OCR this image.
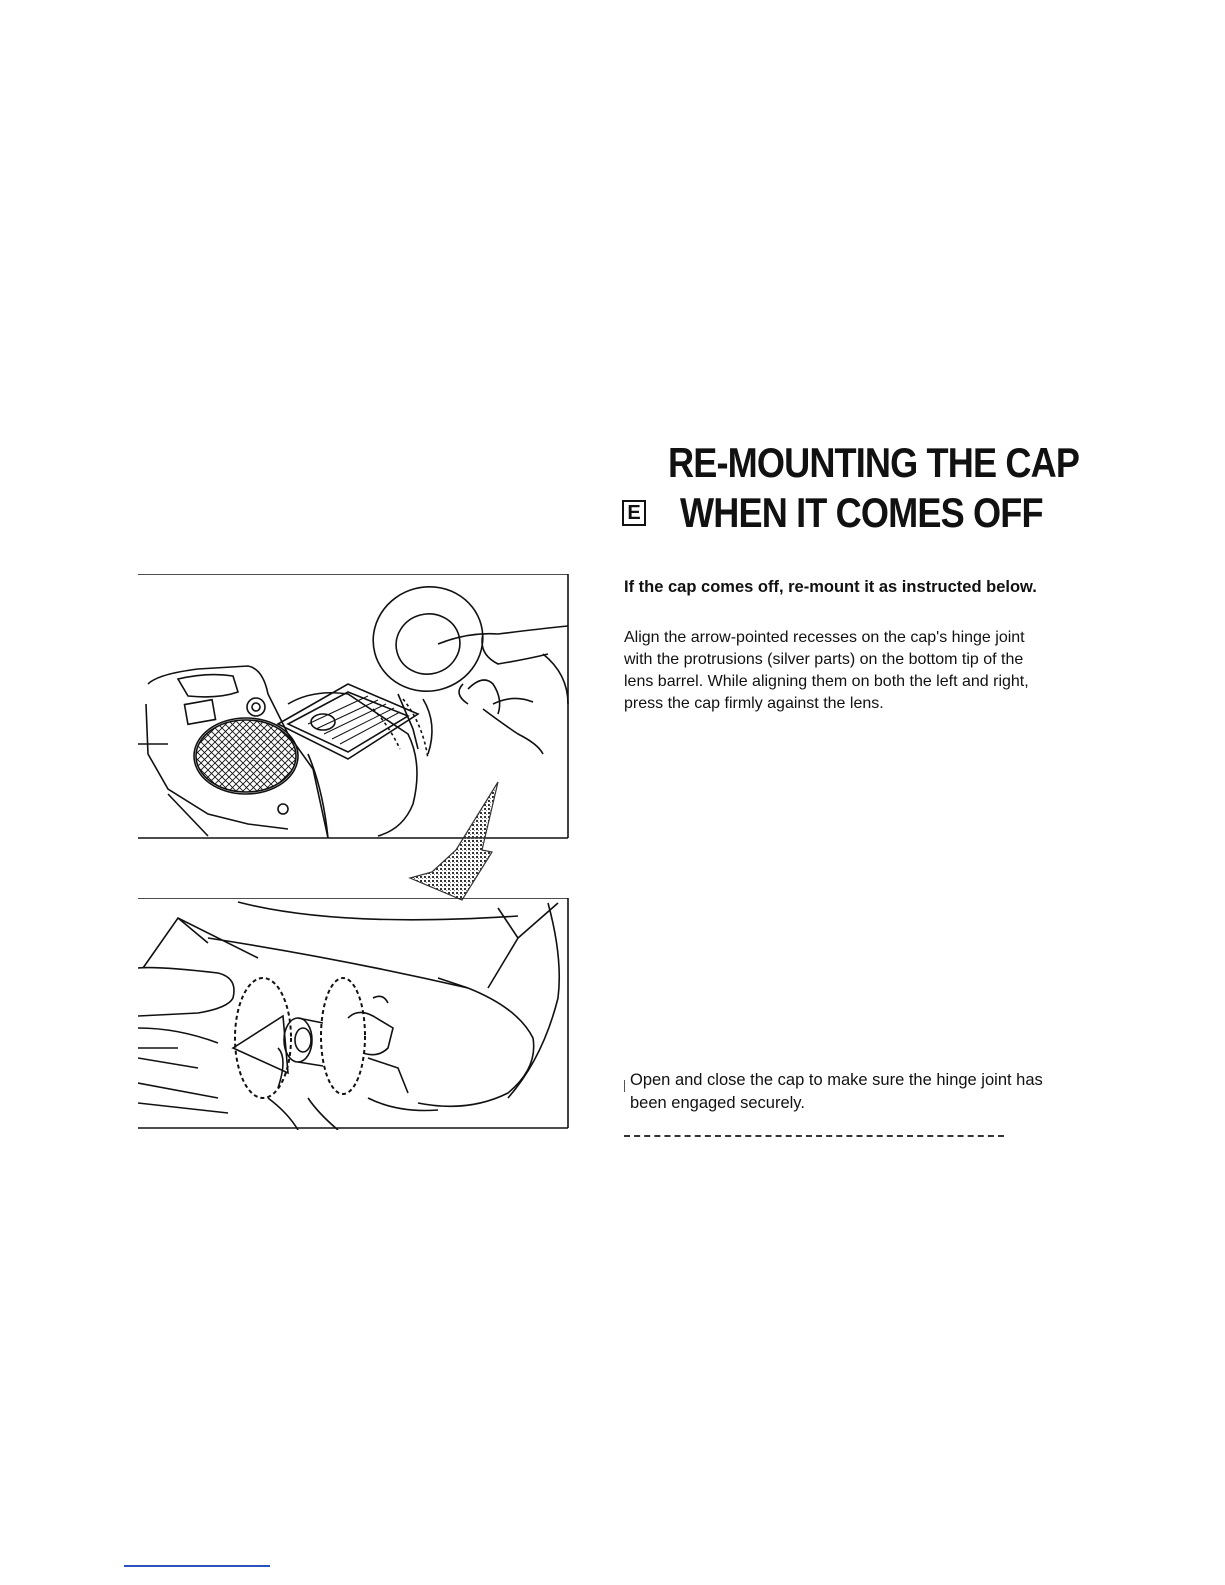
E
RE-MOUNTING THE CAP
WHEN IT COMES OFF

If the cap comes off, re-mount it as instructed below.

Align the arrow-pointed recesses on the cap's hinge joint with the protrusions (silver parts) on the bottom tip of the lens barrel. While aligning them on both the left and right, press the cap firmly against the lens.

Open and close the cap to make sure the hinge joint has been engaged securely.
